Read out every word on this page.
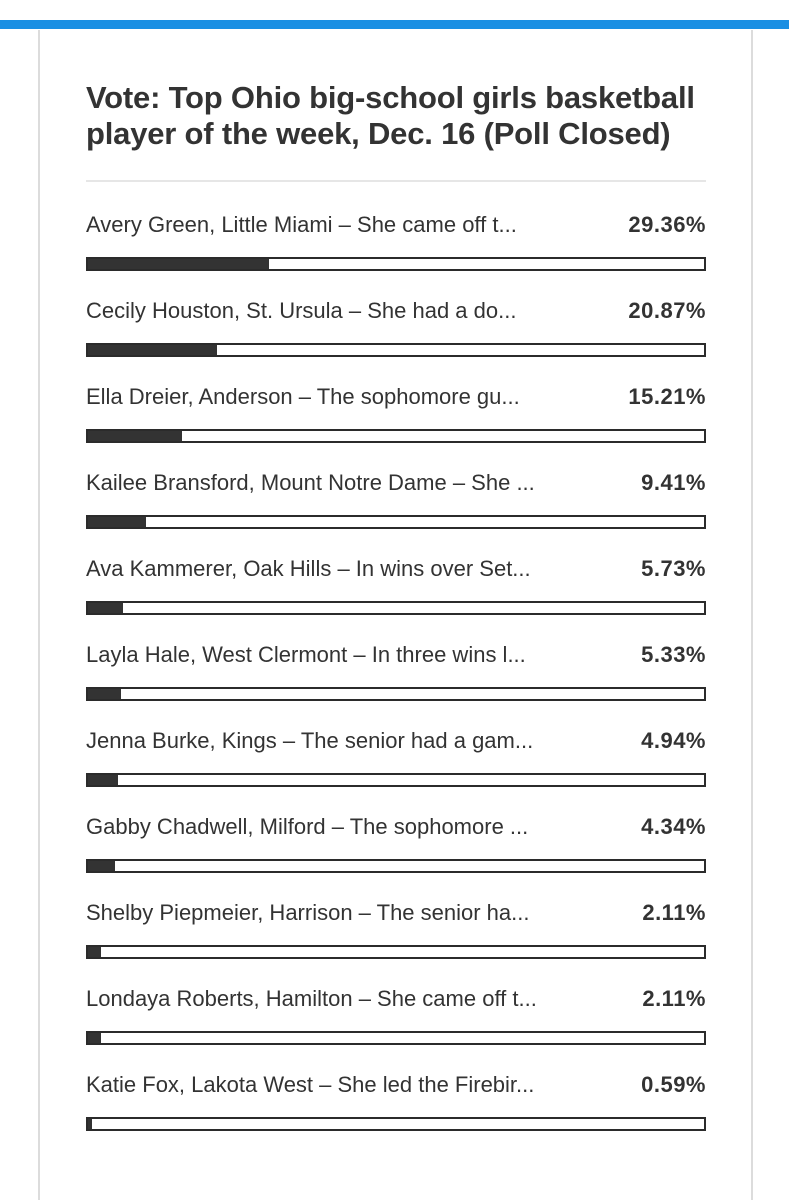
Vote: Top Ohio big-school girls basketball player of the week, Dec. 16 (Poll Closed)
Avery Green, Little Miami – She came off t...	29.36%
Cecily Houston, St. Ursula – She had a do...	20.87%
Ella Dreier, Anderson – The sophomore gu...	15.21%
Kailee Bransford, Mount Notre Dame – She ...	9.41%
Ava Kammerer, Oak Hills – In wins over Set...	5.73%
Layla Hale, West Clermont – In three wins l...	5.33%
Jenna Burke, Kings – The senior had a gam...	4.94%
Gabby Chadwell, Milford – The sophomore ...	4.34%
Shelby Piepmeier, Harrison – The senior ha...	2.11%
Londaya Roberts, Hamilton – She came off t...	2.11%
Katie Fox, Lakota West – She led the Firebir...	0.59%
